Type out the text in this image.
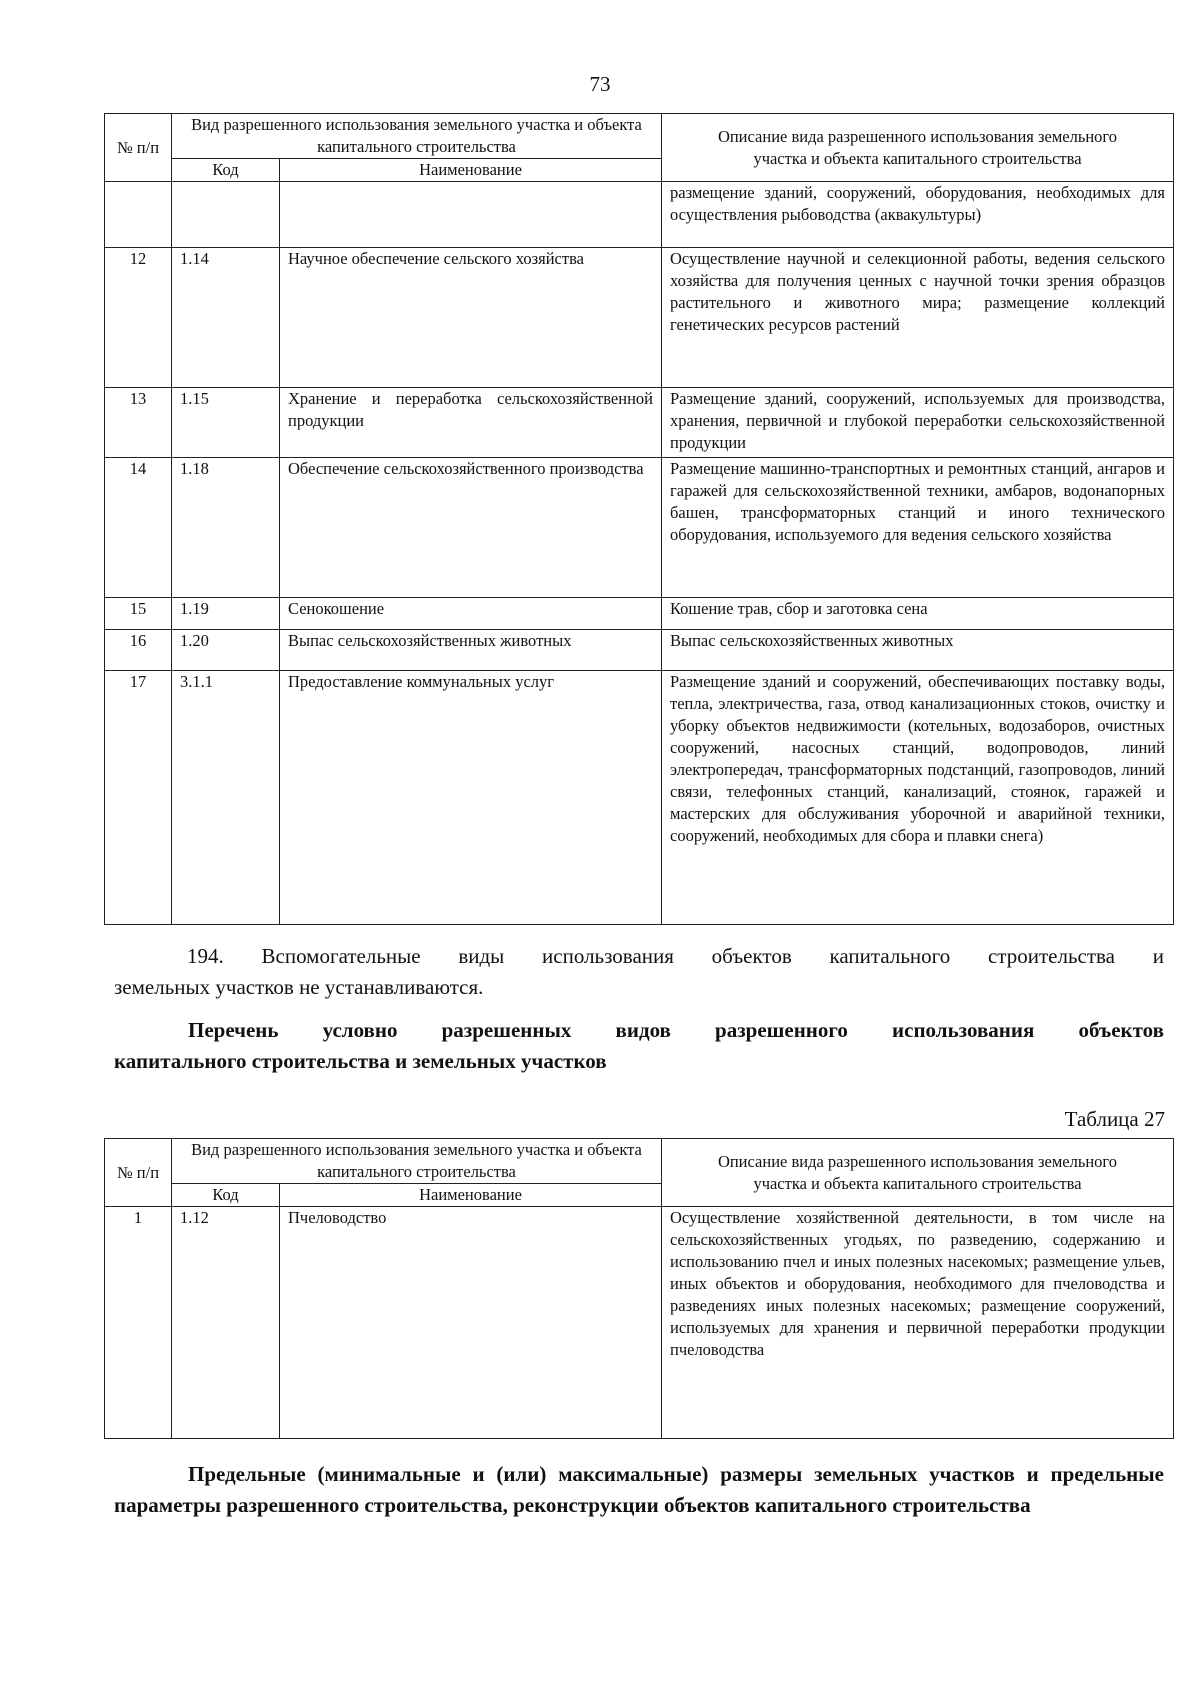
73
№ п/п	Вид разрешенного использования земельного участка и объекта капитального строительства		Описание вида разрешенного использования земельного участка и объекта капитального строительства
	Код	Наименование	
			размещение зданий, сооружений, оборудования, необходимых для осуществления рыбоводства (аквакультуры)
12	1.14	Научное обеспечение сельского хозяйства	Осуществление научной и селекционной работы, ведения сельского хозяйства для получения ценных с научной точки зрения образцов растительного и животного мира; размещение коллекций генетических ресурсов растений
13	1.15	Хранение и переработка сельскохозяйственной продукции	Размещение зданий, сооружений, используемых для производства, хранения, первичной и глубокой переработки сельскохозяйственной продукции
14	1.18	Обеспечение сельскохозяйственного производства	Размещение машинно-транспортных и ремонтных станций, ангаров и гаражей для сельскохозяйственной техники, амбаров, водонапорных башен, трансформаторных станций и иного технического оборудования, используемого для ведения сельского хозяйства
15	1.19	Сенокошение	Кошение трав, сбор и заготовка сена
16	1.20	Выпас сельскохозяйственных животных	Выпас сельскохозяйственных животных
17	3.1.1	Предоставление коммунальных услуг	Размещение зданий и сооружений, обеспечивающих поставку воды, тепла, электричества, газа, отвод канализационных стоков, очистку и уборку объектов недвижимости (котельных, водозаборов, очистных сооружений, насосных станций, водопроводов, линий электропередач, трансформаторных подстанций, газопроводов, линий связи, телефонных станций, канализаций, стоянок, гаражей и мастерских для обслуживания уборочной и аварийной техники, сооружений, необходимых для сбора и плавки снега)
194. Вспомогательные виды использования объектов капитального строительства и
земельных участков не устанавливаются.
Перечень условно разрешенных видов разрешенного использования объектов
капитального строительства и земельных участков
Таблица 27
№ п/п	Вид разрешенного использования земельного участка и объекта капитального строительства		Описание вида разрешенного использования земельного участка и объекта капитального строительства
	Код	Наименование	
1	1.12	Пчеловодство	Осуществление хозяйственной деятельности, в том числе на сельскохозяйственных угодьях, по разведению, содержанию и использованию пчел и иных полезных насекомых; размещение ульев, иных объектов и оборудования, необходимого для пчеловодства и разведениях иных полезных насекомых; размещение сооружений, используемых для хранения и первичной переработки продукции пчеловодства
Предельные (минимальные и (или) максимальные) размеры земельных участков и предельные параметры разрешенного строительства, реконструкции объектов капитального строительства
